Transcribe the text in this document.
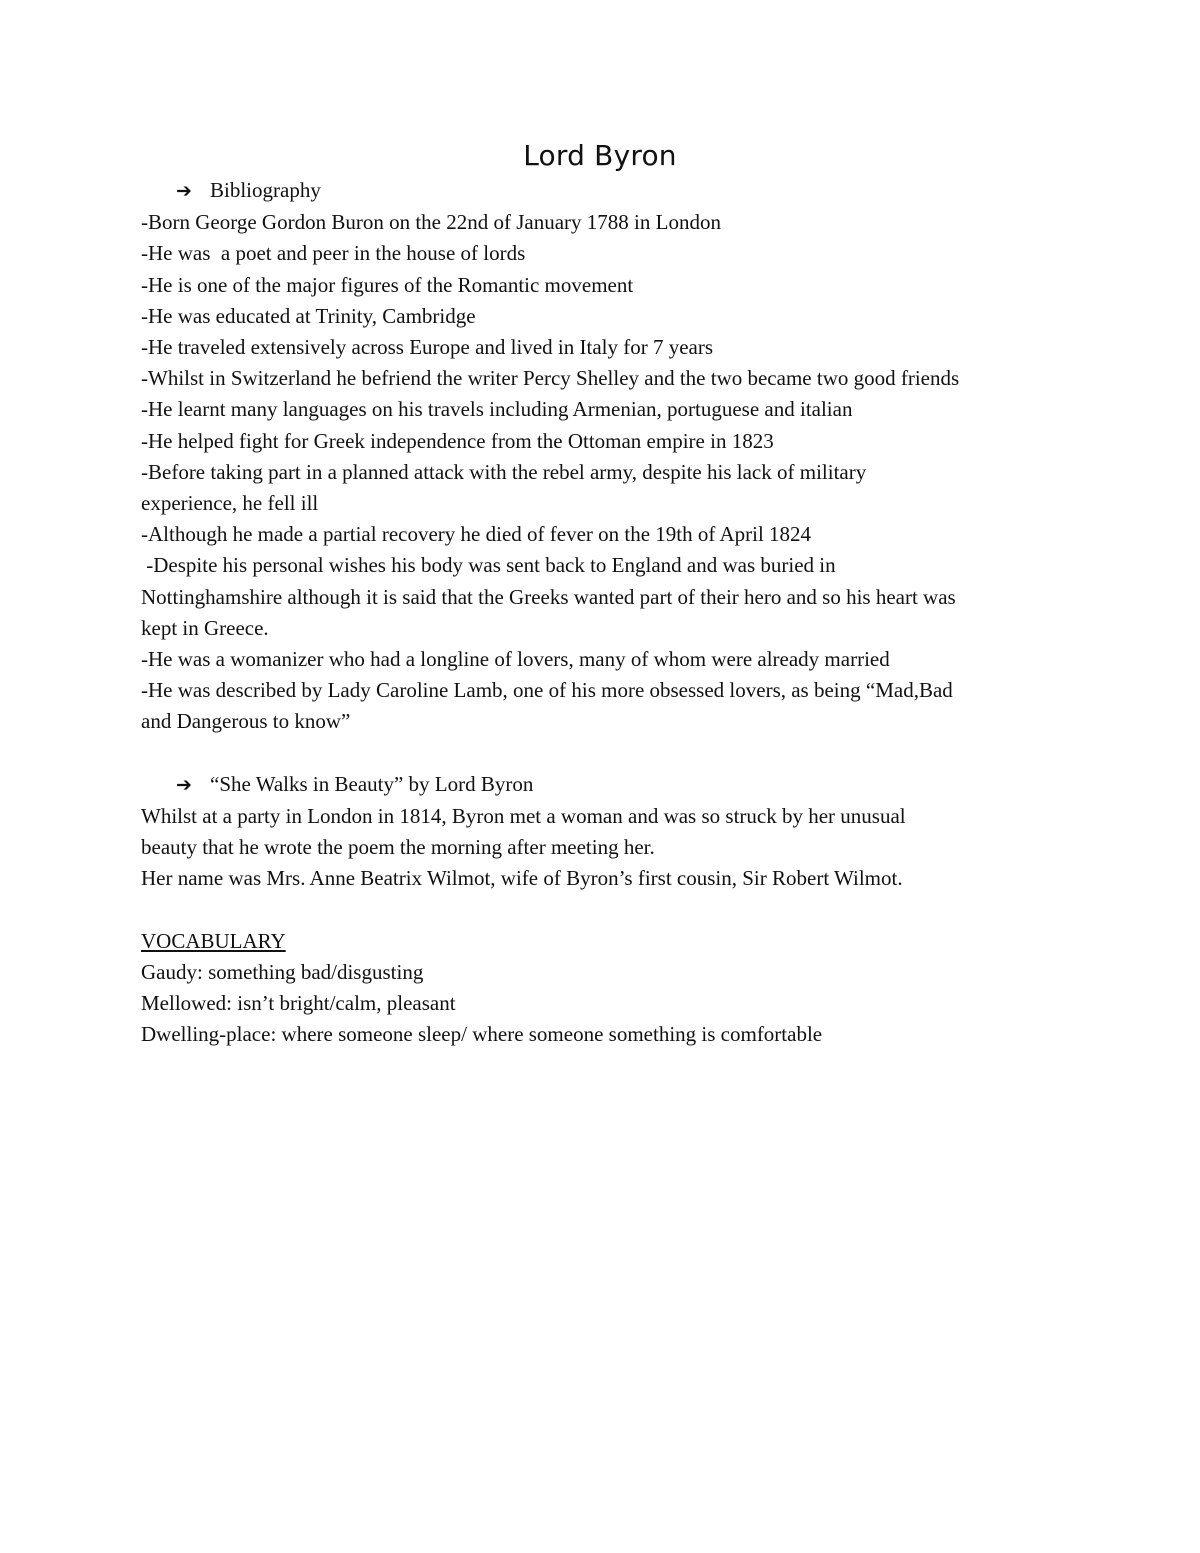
Lord Byron
➔ Bibliography
-Born George Gordon Buron on the 22nd of January 1788 in London
-He was  a poet and peer in the house of lords
-He is one of the major figures of the Romantic movement
-He was educated at Trinity, Cambridge
-He traveled extensively across Europe and lived in Italy for 7 years
-Whilst in Switzerland he befriend the writer Percy Shelley and the two became two good friends
-He learnt many languages on his travels including Armenian, portuguese and italian
-He helped fight for Greek independence from the Ottoman empire in 1823
-Before taking part in a planned attack with the rebel army, despite his lack of military
experience, he fell ill
-Although he made a partial recovery he died of fever on the 19th of April 1824
-Despite his personal wishes his body was sent back to England and was buried in
Nottinghamshire although it is said that the Greeks wanted part of their hero and so his heart was
kept in Greece.
-He was a womanizer who had a longline of lovers, many of whom were already married
-He was described by Lady Caroline Lamb, one of his more obsessed lovers, as being “Mad,Bad
and Dangerous to know”
➔ “She Walks in Beauty” by Lord Byron
Whilst at a party in London in 1814, Byron met a woman and was so struck by her unusual
beauty that he wrote the poem the morning after meeting her.
Her name was Mrs. Anne Beatrix Wilmot, wife of Byron’s first cousin, Sir Robert Wilmot.
VOCABULARY
Gaudy: something bad/disgusting
Mellowed: isn’t bright/calm, pleasant
Dwelling-place: where someone sleep/ where someone something is comfortable
